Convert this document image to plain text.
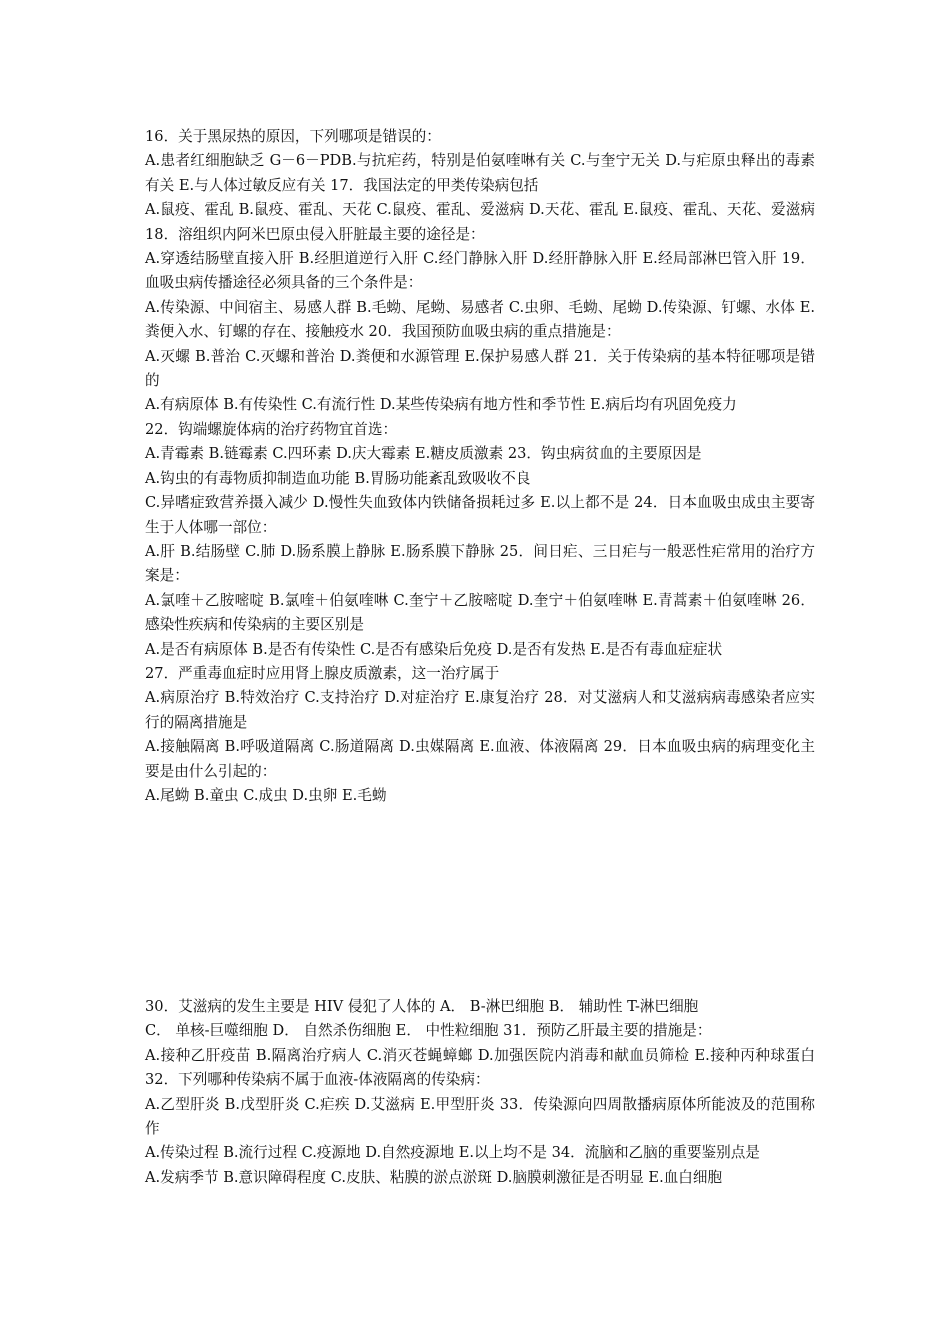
16．关于黑尿热的原因，下列哪项是错误的：

A.患者红细胞缺乏 G－6－PDB.与抗疟药，特别是伯氨喹啉有关 C.与奎宁无关 D.与疟原虫释出的毒素有关 E.与人体过敏反应有关 17．我国法定的甲类传染病包括

A.鼠疫、霍乱 B.鼠疫、霍乱、天花 C.鼠疫、霍乱、爱滋病 D.天花、霍乱 E.鼠疫、霍乱、天花、爱滋病 18．溶组织内阿米巴原虫侵入肝脏最主要的途径是：

A.穿透结肠壁直接入肝 B.经胆道逆行入肝 C.经门静脉入肝 D.经肝静脉入肝 E.经局部淋巴管入肝 19．血吸虫病传播途径必须具备的三个条件是：

A.传染源、中间宿主、易感人群 B.毛蚴、尾蚴、易感者 C.虫卵、毛蚴、尾蚴 D.传染源、钉螺、水体 E.粪便入水、钉螺的存在、接触疫水 20．我国预防血吸虫病的重点措施是：

A.灭螺 B.普治 C.灭螺和普治 D.粪便和水源管理 E.保护易感人群 21．关于传染病的基本特征哪项是错的

A.有病原体 B.有传染性 C.有流行性 D.某些传染病有地方性和季节性 E.病后均有巩固免疫力

22．钩端螺旋体病的治疗药物宜首选：

A.青霉素 B.链霉素 C.四环素 D.庆大霉素 E.糖皮质激素 23．钩虫病贫血的主要原因是

A.钩虫的有毒物质抑制造血功能 B.胃肠功能紊乱致吸收不良

C.异嗜症致营养摄入减少 D.慢性失血致体内铁储备损耗过多 E.以上都不是 24．日本血吸虫成虫主要寄生于人体哪一部位：

A.肝 B.结肠壁 C.肺 D.肠系膜上静脉 E.肠系膜下静脉 25．间日疟、三日疟与一般恶性疟常用的治疗方案是：

A.氯喹＋乙胺嘧啶 B.氯喹＋伯氨喹啉 C.奎宁＋乙胺嘧啶 D.奎宁＋伯氨喹啉 E.青蒿素＋伯氨喹啉 26．感染性疾病和传染病的主要区别是

A.是否有病原体 B.是否有传染性 C.是否有感染后免疫 D.是否有发热 E.是否有毒血症症状

27．严重毒血症时应用肾上腺皮质激素，这一治疗属于

A.病原治疗 B.特效治疗 C.支持治疗 D.对症治疗 E.康复治疗 28．对艾滋病人和艾滋病病毒感染者应实行的隔离措施是

A.接触隔离 B.呼吸道隔离 C.肠道隔离 D.虫媒隔离 E.血液、体液隔离 29．日本血吸虫病的病理变化主要是由什么引起的：

A.尾蚴 B.童虫 C.成虫 D.虫卵 E.毛蚴

30．艾滋病的发生主要是 HIV 侵犯了人体的 A． B-淋巴细胞 B． 辅助性 T-淋巴细胞

C． 单核-巨噬细胞 D． 自然杀伤细胞 E． 中性粒细胞 31．预防乙肝最主要的措施是：

A.接种乙肝疫苗 B.隔离治疗病人 C.消灭苍蝇蟑螂 D.加强医院内消毒和献血员筛检 E.接种丙种球蛋白 32．下列哪种传染病不属于血液-体液隔离的传染病：

A.乙型肝炎 B.戊型肝炎 C.疟疾 D.艾滋病 E.甲型肝炎 33．传染源向四周散播病原体所能波及的范围称作

A.传染过程 B.流行过程 C.疫源地 D.自然疫源地 E.以上均不是 34．流脑和乙脑的重要鉴别点是

A.发病季节 B.意识障碍程度 C.皮肤、粘膜的淤点淤斑 D.脑膜刺激征是否明显 E.血白细胞
